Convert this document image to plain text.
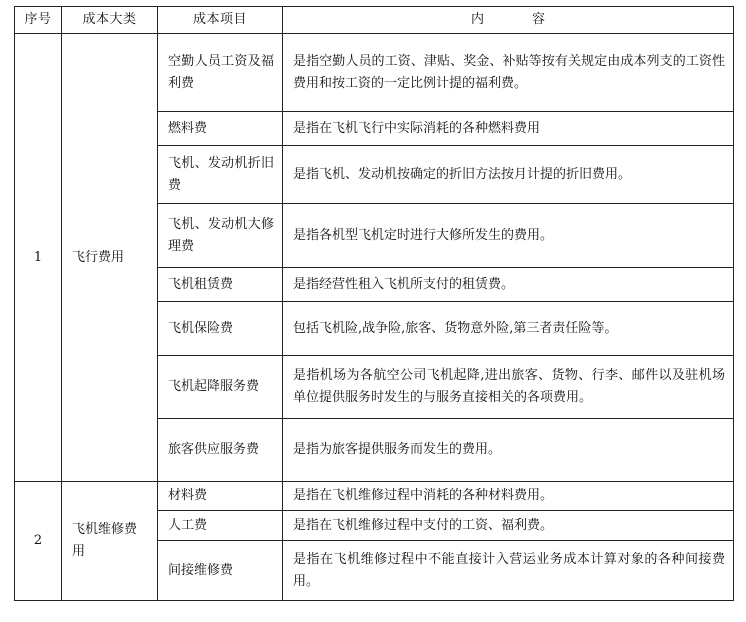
序号	成本大类	成本项目	内容
1	飞行费用	空勤人员工资及福利费	是指空勤人员的工资、津贴、奖金、补贴等按有关规定由成本列支的工资性费用和按工资的一定比例计提的福利费。
		燃料费	是指在飞机飞行中实际消耗的各种燃料费用
		飞机、发动机折旧费	是指飞机、发动机按确定的折旧方法按月计提的折旧费用。
		飞机、发动机大修理费	是指各机型飞机定时进行大修所发生的费用。
		飞机租赁费	是指经营性租入飞机所支付的租赁费。
		飞机保险费	包括飞机险,战争险,旅客、货物意外险,第三者责任险等。
		飞机起降服务费	是指机场为各航空公司飞机起降,进出旅客、货物、行李、邮件以及驻机场单位提供服务时发生的与服务直接相关的各项费用。
		旅客供应服务费	是指为旅客提供服务而发生的费用。
2	飞机维修费用	材料费	是指在飞机维修过程中消耗的各种材料费用。
		人工费	是指在飞机维修过程中支付的工资、福利费。
		间接维修费	是指在飞机维修过程中不能直接计入营运业务成本计算对象的各种间接费用。
